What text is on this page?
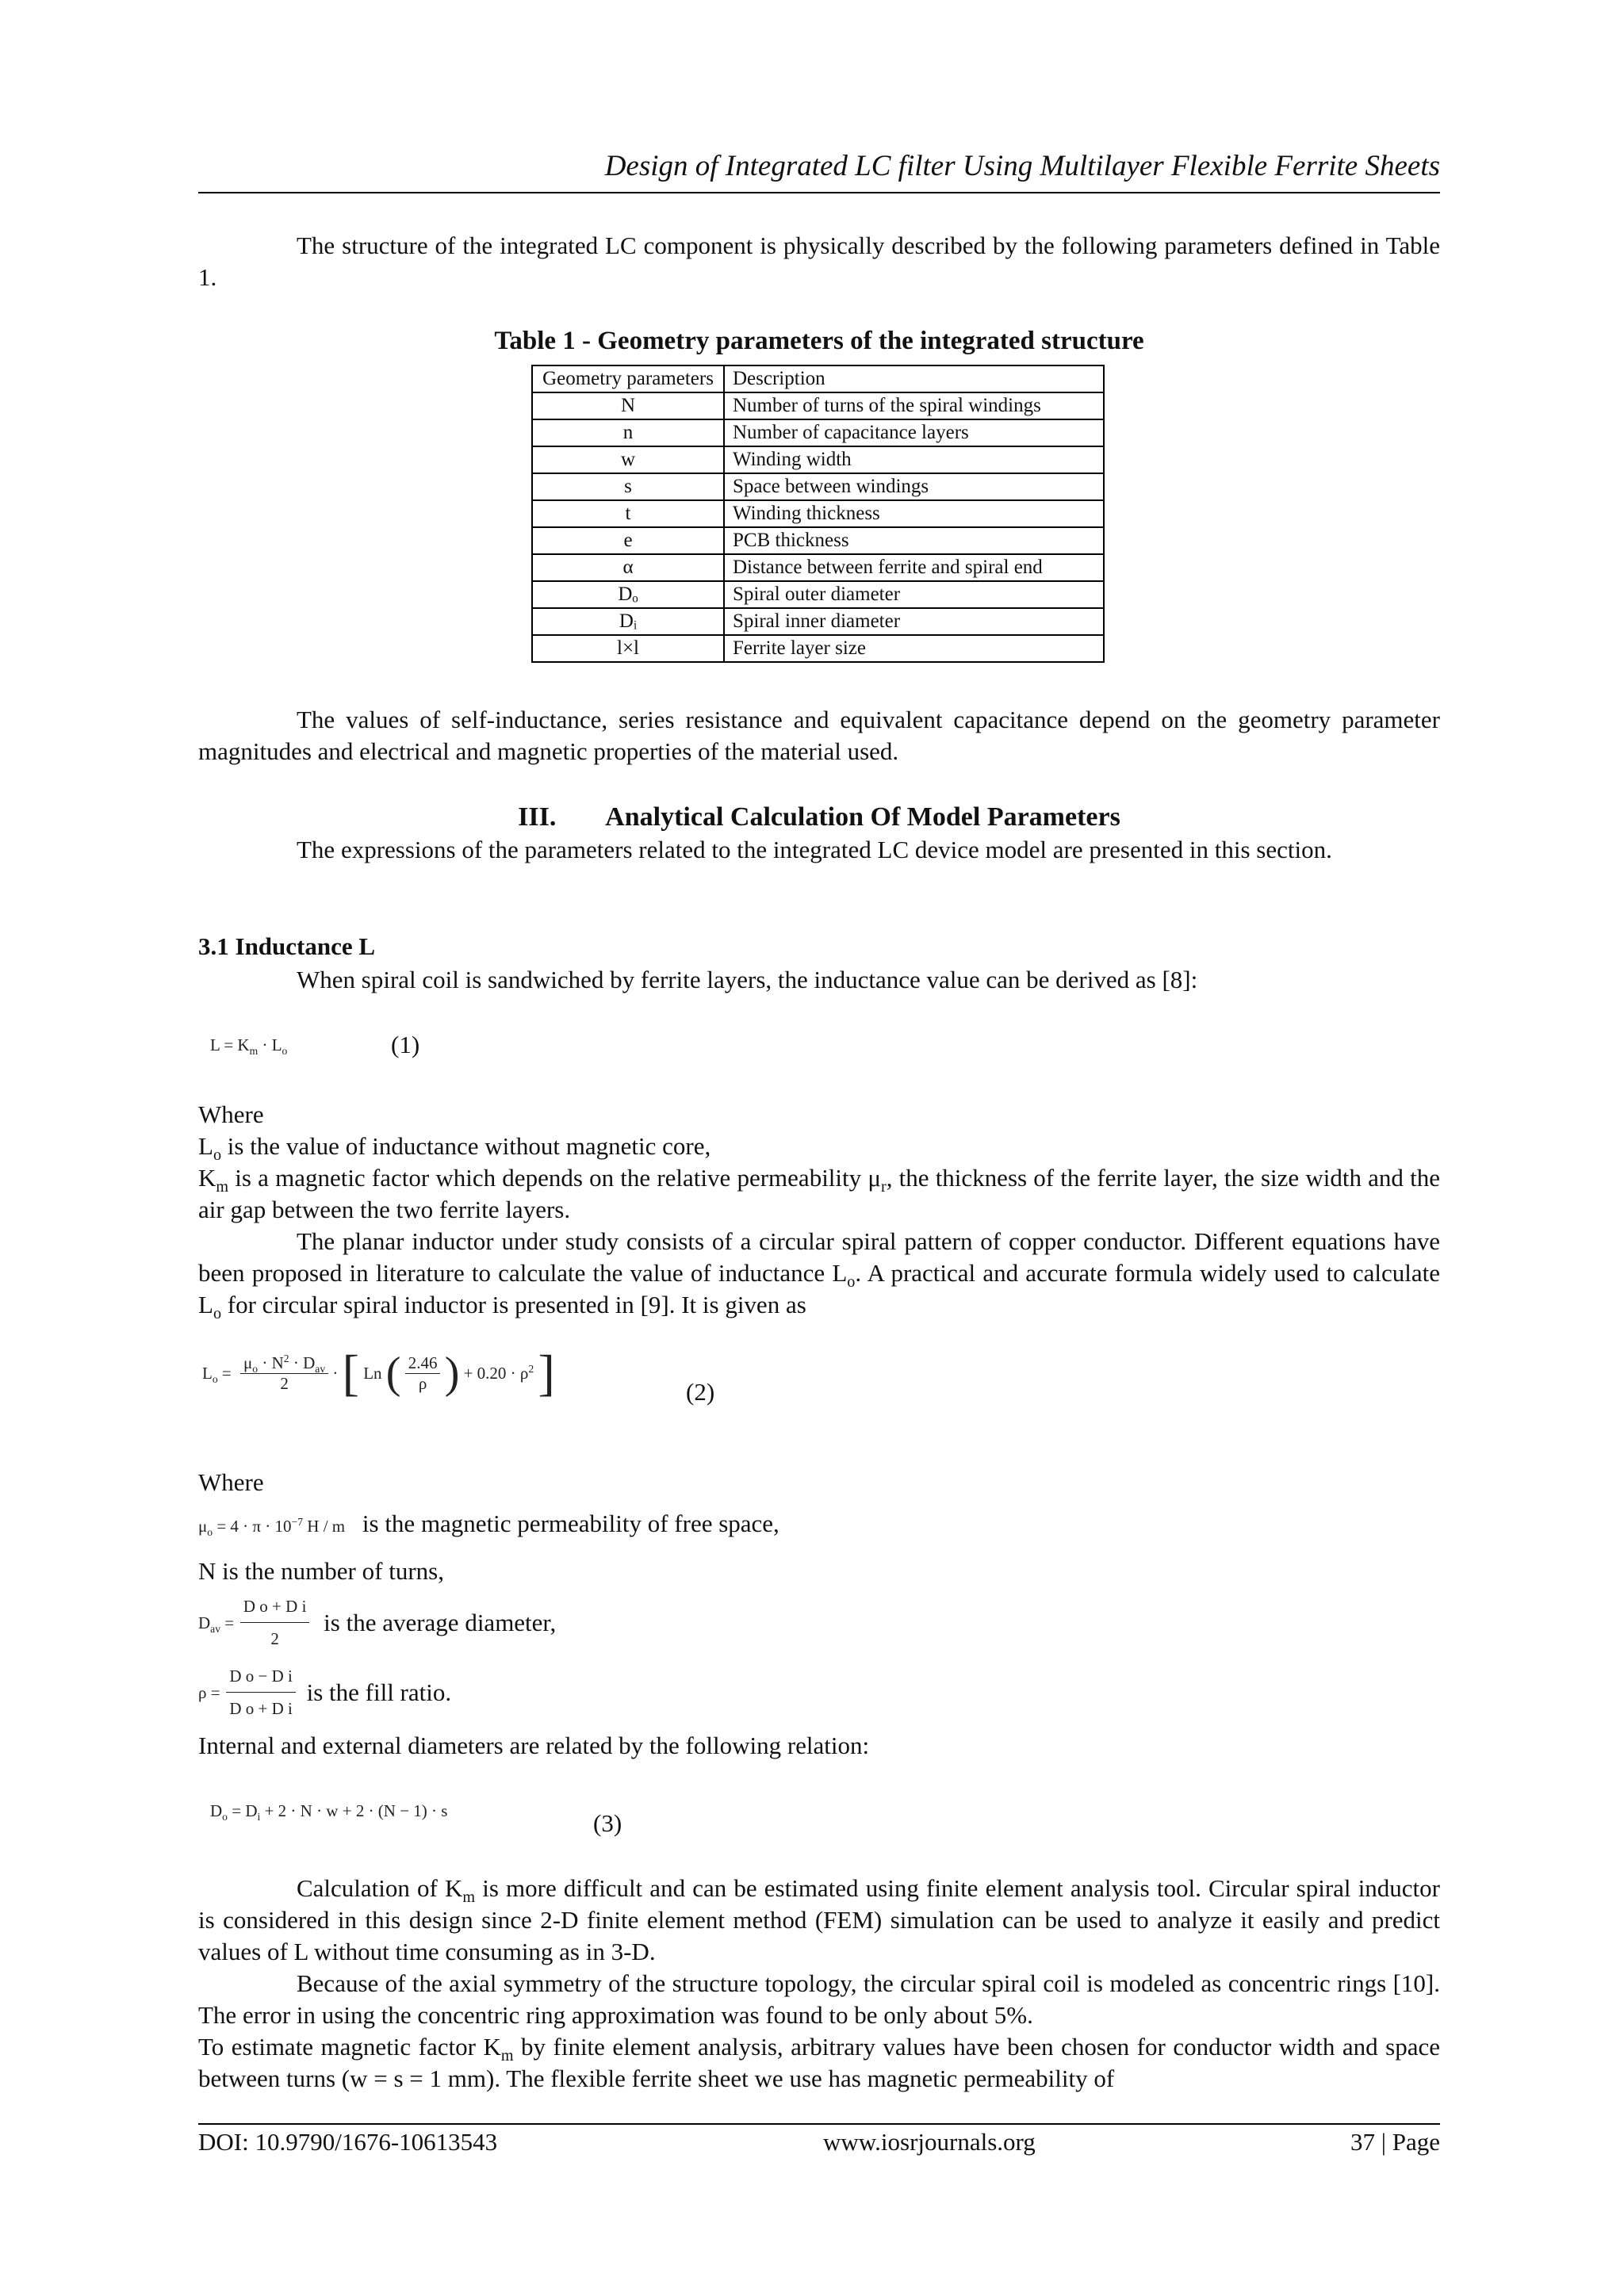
Design of Integrated LC filter Using Multilayer Flexible Ferrite Sheets
The structure of the integrated LC component is physically described by the following parameters defined in Table 1.
Table 1 - Geometry parameters of the integrated structure
Geometry parameters	Description
N	Number of turns of the spiral windings
n	Number of capacitance layers
w	Winding width
s	Space between windings
t	Winding thickness
e	PCB thickness
α	Distance between ferrite and spiral end
Dₒ	Spiral outer diameter
Dᵢ	Spiral inner diameter
l×l	Ferrite layer size
The values of self-inductance, series resistance and equivalent capacitance depend on the geometry parameter magnitudes and electrical and magnetic properties of the material used.
III. Analytical Calculation Of Model Parameters
The expressions of the parameters related to the integrated LC device model are presented in this section.
3.1 Inductance L
When spiral coil is sandwiched by ferrite layers, the inductance value can be derived as [8]:
$L = K_m \cdot L_o$	(1)
Where
$L_o$ is the value of inductance without magnetic core,
$K_m$ is a magnetic factor which depends on the relative permeability $\mu_r$, the thickness of the ferrite layer, the size width and the air gap between the two ferrite layers.
The planar inductor under study consists of a circular spiral pattern of copper conductor. Different equations have been proposed in literature to calculate the value of inductance $L_o$. A practical and accurate formula widely used to calculate $L_o$ for circular spiral inductor is presented in [9]. It is given as
$L_o = \frac{\mu_o \cdot N^2 \cdot D_{av}}{2}$ · [ Ln ( $\frac{2.46}{\rho}$ ) + $0.20 \cdot \rho^2$ ]	(2)
Where
$\mu_o = 4 \cdot \pi \cdot 10^{-7}$ H / m is the magnetic permeability of free space,
N is the number of turns,
$D_{av} = \frac{\text{D o + D i}}{2}$ is the average diameter,
$\rho = \frac{\text{D o − D i}}{\text{D o + D i}}$ is the fill ratio.
Internal and external diameters are related by the following relation:
$D_o = D_i + 2 \cdot N \cdot w + 2 \cdot (N - 1) \cdot s$	(3)
Calculation of $K_m$ is more difficult and can be estimated using finite element analysis tool. Circular spiral inductor is considered in this design since 2-D finite element method (FEM) simulation can be used to analyze it easily and predict values of L without time consuming as in 3-D.
Because of the axial symmetry of the structure topology, the circular spiral coil is modeled as concentric rings [10]. The error in using the concentric ring approximation was found to be only about 5%.
To estimate magnetic factor $K_m$ by finite element analysis, arbitrary values have been chosen for conductor width and space between turns (w = s = 1 mm). The flexible ferrite sheet we use has magnetic permeability of
DOI: 10.9790/1676-10613543	www.iosrjournals.org	37 | Page
